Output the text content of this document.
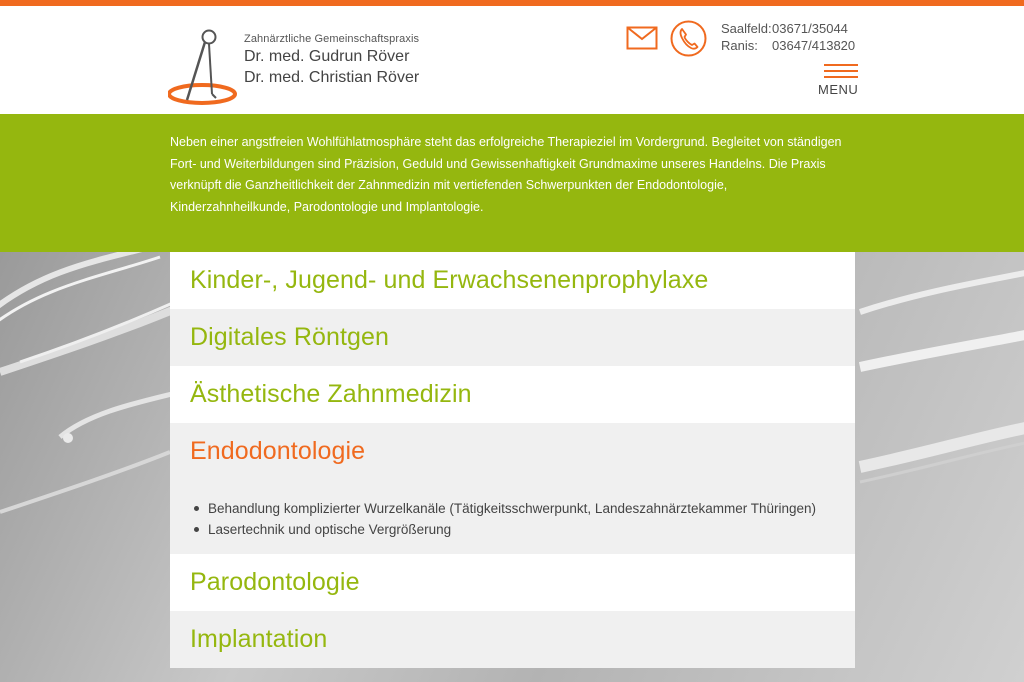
Zahnärztliche Gemeinschaftspraxis
Dr. med. Gudrun Röver
Dr. med. Christian Röver
Saalfeld: 03671/35044
Ranis:	03647/413820
MENU

Neben einer angstfreien Wohlfühlatmosphäre steht das erfolgreiche Therapieziel im Vordergrund. Begleitet von ständigen Fort- und Weiterbildungen sind Präzision, Geduld und Gewissenhaftigkeit Grundmaxime unseres Handelns. Die Praxis verknüpft die Ganzheitlichkeit der Zahnmedizin mit vertiefenden Schwerpunkten der Endodontologie, Kinderzahnheilkunde, Parodontologie und Implantologie.

Kinder-, Jugend- und Erwachsenenprophylaxe
Digitales Röntgen
Ästhetische Zahnmedizin
Endodontologie
Behandlung komplizierter Wurzelkanäle (Tätigkeitsschwerpunkt, Landeszahnärztekammer Thüringen)
Lasertechnik und optische Vergrößerung
Parodontologie
Implantation
